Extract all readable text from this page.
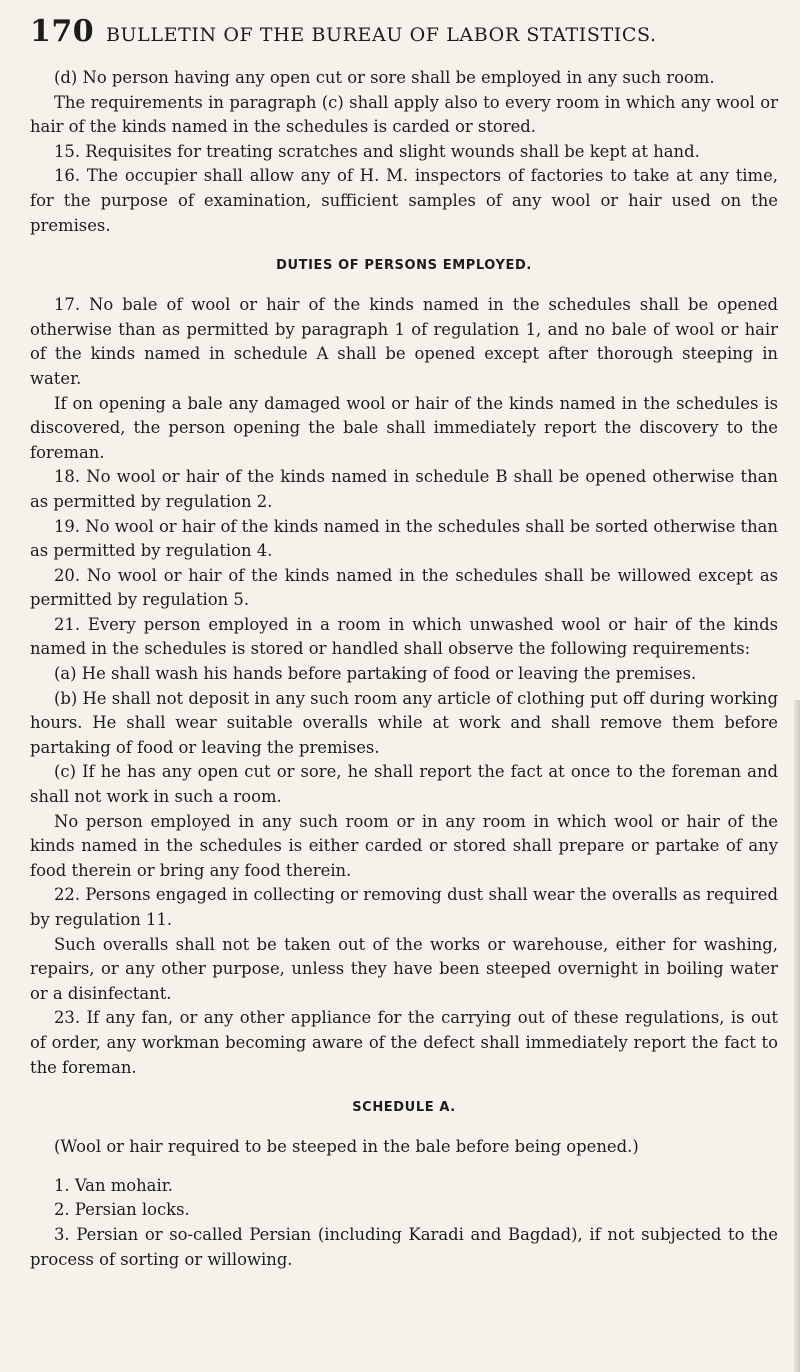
170 BULLETIN OF THE BUREAU OF LABOR STATISTICS.

(d) No person having any open cut or sore shall be employed in any such room.

The requirements in paragraph (c) shall apply also to every room in which any wool or hair of the kinds named in the schedules is carded or stored.

15. Requisites for treating scratches and slight wounds shall be kept at hand.

16. The occupier shall allow any of H. M. inspectors of factories to take at any time, for the purpose of examination, sufficient samples of any wool or hair used on the premises.

DUTIES OF PERSONS EMPLOYED.

17. No bale of wool or hair of the kinds named in the schedules shall be opened otherwise than as permitted by paragraph 1 of regulation 1, and no bale of wool or hair of the kinds named in schedule A shall be opened except after thorough steeping in water.

If on opening a bale any damaged wool or hair of the kinds named in the schedules is discovered, the person opening the bale shall immediately report the discovery to the foreman.

18. No wool or hair of the kinds named in schedule B shall be opened otherwise than as permitted by regulation 2.

19. No wool or hair of the kinds named in the schedules shall be sorted otherwise than as permitted by regulation 4.

20. No wool or hair of the kinds named in the schedules shall be willowed except as permitted by regulation 5.

21. Every person employed in a room in which unwashed wool or hair of the kinds named in the schedules is stored or handled shall observe the following requirements:

(a) He shall wash his hands before partaking of food or leaving the premises.

(b) He shall not deposit in any such room any article of clothing put off during working hours. He shall wear suitable overalls while at work and shall remove them before partaking of food or leaving the premises.

(c) If he has any open cut or sore, he shall report the fact at once to the foreman and shall not work in such a room.

No person employed in any such room or in any room in which wool or hair of the kinds named in the schedules is either carded or stored shall prepare or partake of any food therein or bring any food therein.

22. Persons engaged in collecting or removing dust shall wear the overalls as required by regulation 11.

Such overalls shall not be taken out of the works or warehouse, either for washing, repairs, or any other purpose, unless they have been steeped overnight in boiling water or a disinfectant.

23. If any fan, or any other appliance for the carrying out of these regulations, is out of order, any workman becoming aware of the defect shall immediately report the fact to the foreman.

SCHEDULE A.

(Wool or hair required to be steeped in the bale before being opened.)

1. Van mohair.

2. Persian locks.

3. Persian or so-called Persian (including Karadi and Bagdad), if not subjected to the process of sorting or willowing.
